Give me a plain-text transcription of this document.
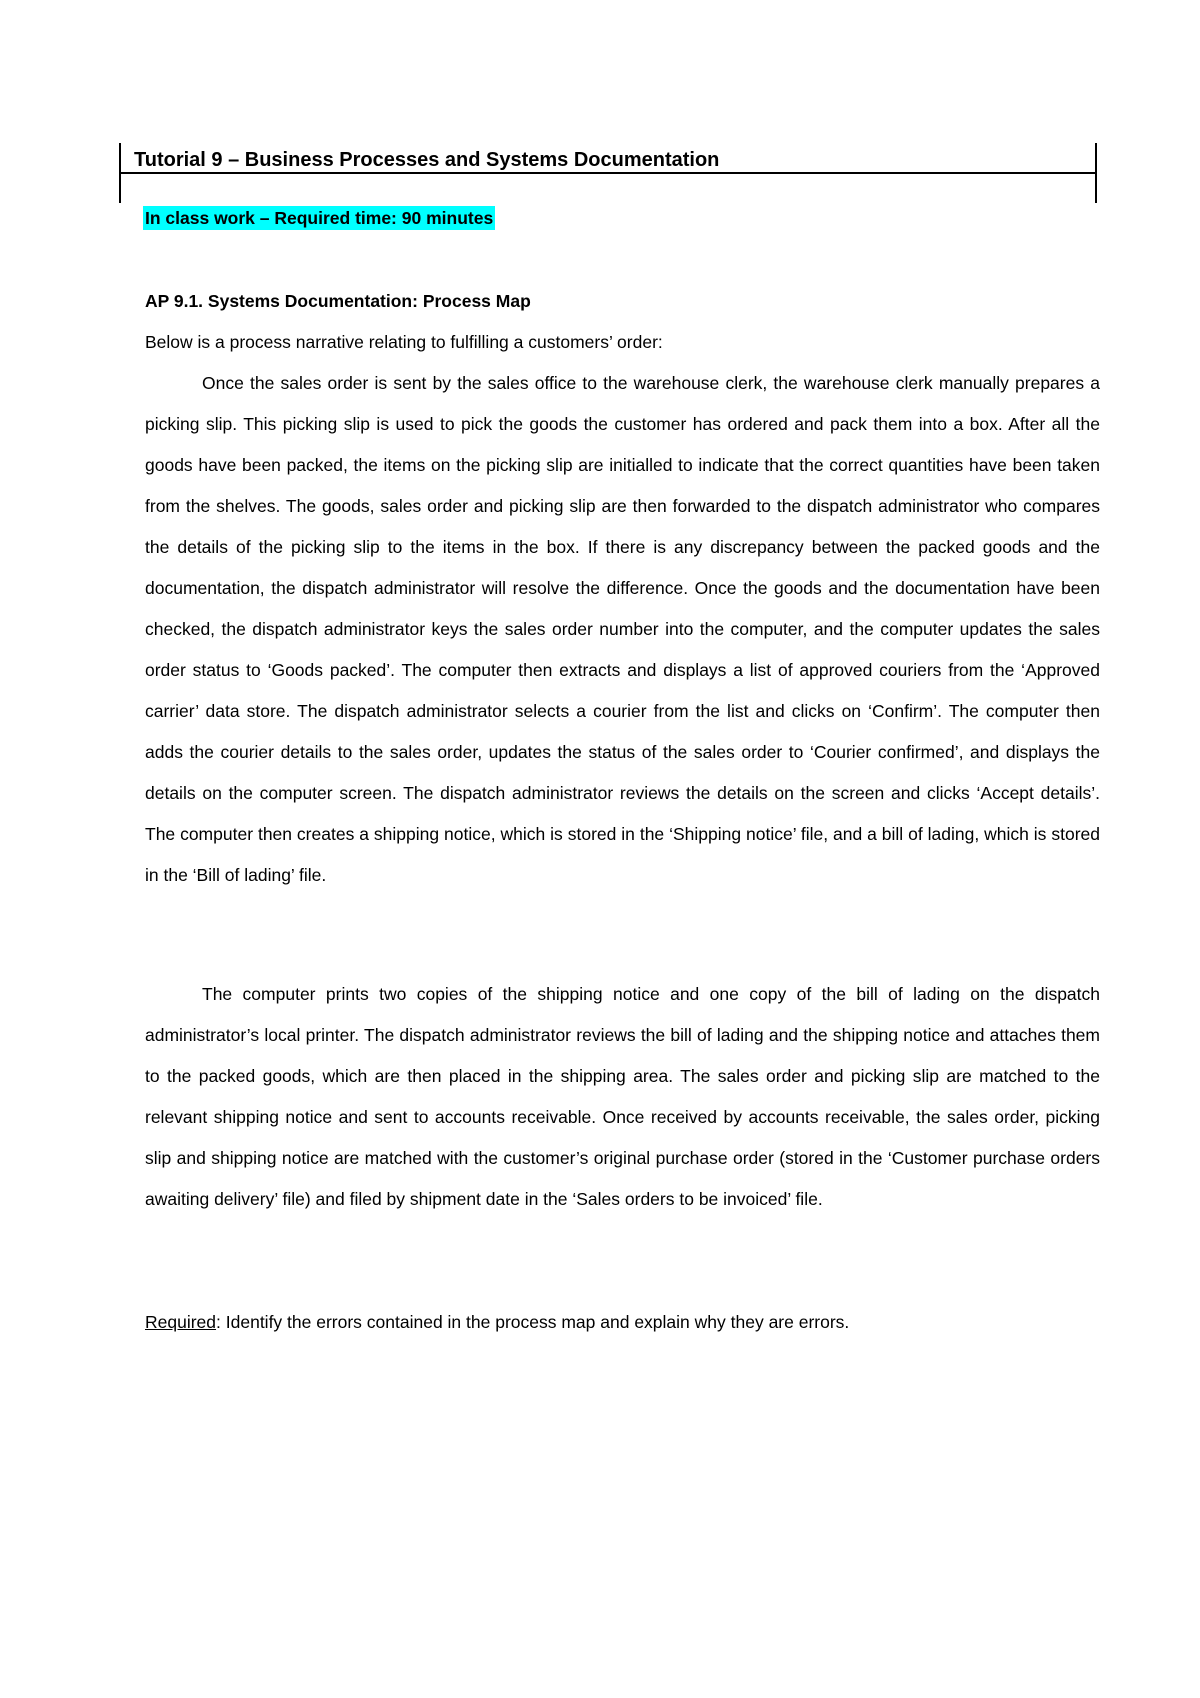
Tutorial 9 – Business Processes and Systems Documentation
In class work – Required time: 90 minutes
AP 9.1. Systems Documentation: Process Map
Below is a process narrative relating to fulfilling a customers’ order:

Once the sales order is sent by the sales office to the warehouse clerk, the warehouse clerk manually prepares a picking slip. This picking slip is used to pick the goods the customer has ordered and pack them into a box. After all the goods have been packed, the items on the picking slip are initialled to indicate that the correct quantities have been taken from the shelves. The goods, sales order and picking slip are then forwarded to the dispatch administrator who compares the details of the picking slip to the items in the box. If there is any discrepancy between the packed goods and the documentation, the dispatch administrator will resolve the difference. Once the goods and the documentation have been checked, the dispatch administrator keys the sales order number into the computer, and the computer updates the sales order status to ‘Goods packed’. The computer then extracts and displays a list of approved couriers from the ‘Approved carrier’ data store. The dispatch administrator selects a courier from the list and clicks on ‘Confirm’. The computer then adds the courier details to the sales order, updates the status of the sales order to ‘Courier confirmed’, and displays the details on the computer screen. The dispatch administrator reviews the details on the screen and clicks ‘Accept details’. The computer then creates a shipping notice, which is stored in the ‘Shipping notice’ file, and a bill of lading, which is stored in the ‘Bill of lading’ file.

The computer prints two copies of the shipping notice and one copy of the bill of lading on the dispatch administrator’s local printer. The dispatch administrator reviews the bill of lading and the shipping notice and attaches them to the packed goods, which are then placed in the shipping area. The sales order and picking slip are matched to the relevant shipping notice and sent to accounts receivable. Once received by accounts receivable, the sales order, picking slip and shipping notice are matched with the customer’s original purchase order (stored in the ‘Customer purchase orders awaiting delivery’ file) and filed by shipment date in the ‘Sales orders to be invoiced’ file.

Required: Identify the errors contained in the process map and explain why they are errors.
